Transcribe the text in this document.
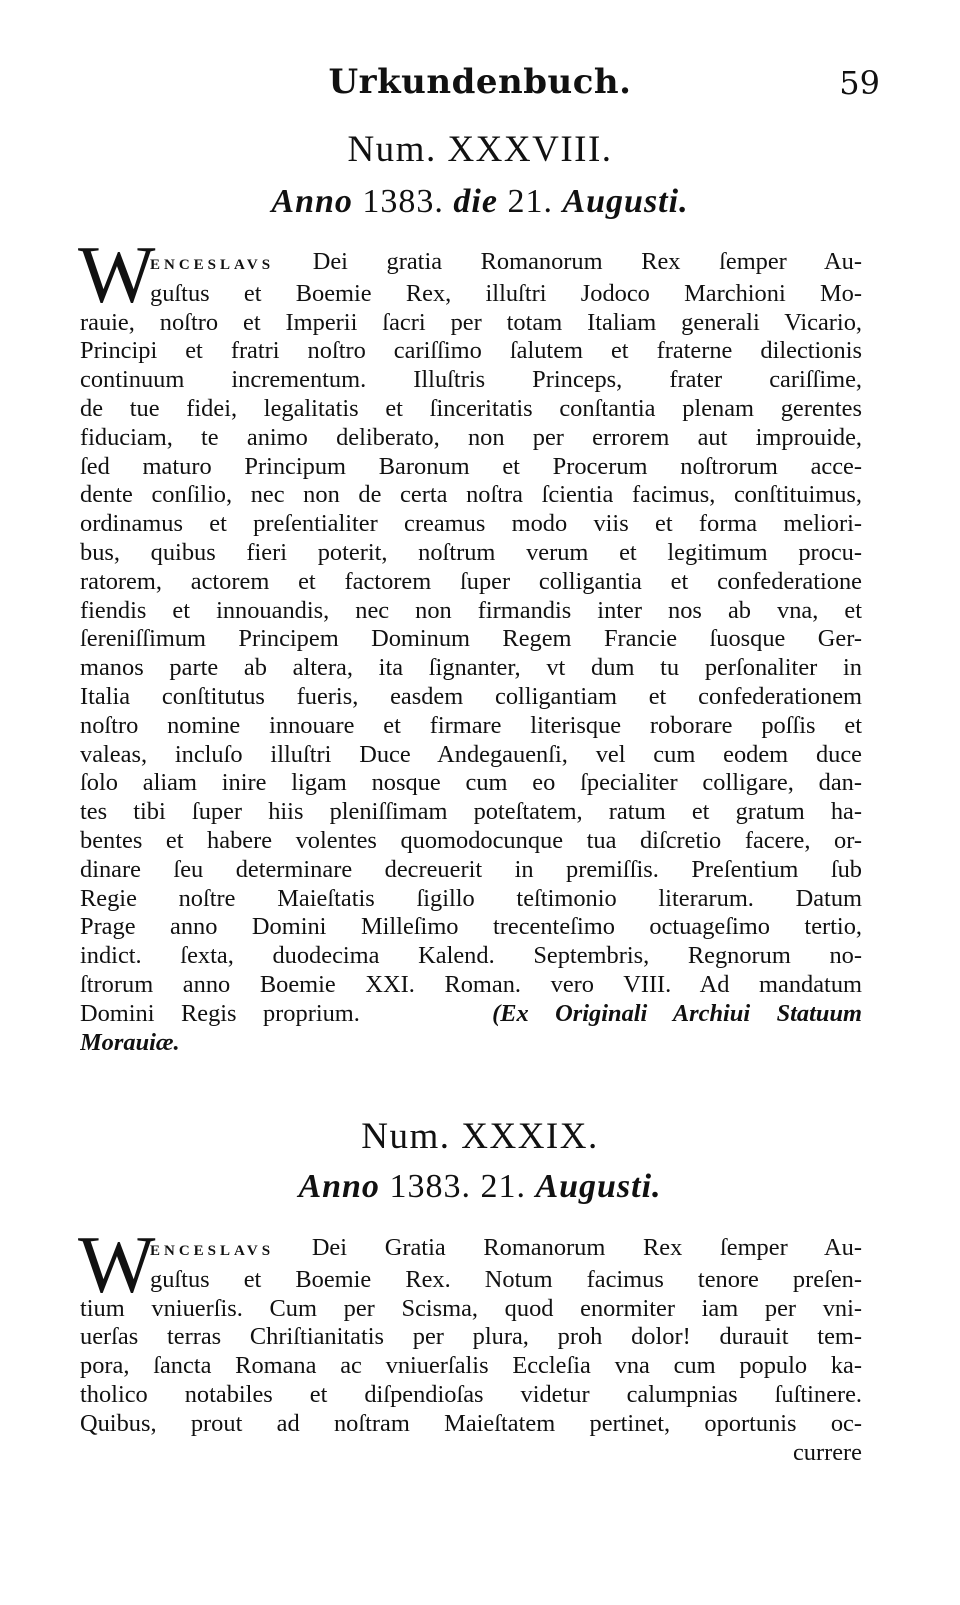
Urkundenbuch.	59
Num. XXXVIII.
Anno 1383. die 21. Augusti.
W
ENCESLAVS Dei gratia Romanorum Rex ſemper Au-
guſtus et Boemie Rex, illuſtri Jodoco Marchioni Mo-
rauie, noſtro et Imperii ſacri per totam Italiam generali Vicario,
Principi et fratri noſtro cariſſimo ſalutem et fraterne dilectionis
continuum incrementum. Illuſtris Princeps, frater cariſſime,
de tue fidei, legalitatis et ſinceritatis conſtantia plenam gerentes
fiduciam, te animo deliberato, non per errorem aut improuide,
ſed maturo Principum Baronum et Procerum noſtrorum acce-
dente conſilio, nec non de certa noſtra ſcientia facimus, conſtituimus,
ordinamus et preſentialiter creamus modo viis et forma meliori-
bus, quibus fieri poterit, noſtrum verum et legitimum procu-
ratorem, actorem et factorem ſuper colligantia et confederatione
fiendis et innouandis, nec non firmandis inter nos ab vna, et
ſereniſſimum Principem Dominum Regem Francie ſuosque Ger-
manos parte ab altera, ita ſignanter, vt dum tu perſonaliter in
Italia conſtitutus fueris, easdem colligantiam et confederationem
noſtro nomine innouare et firmare literisque roborare poſſis et
valeas, incluſo illuſtri Duce Andegauenſi, vel cum eodem duce
ſolo aliam inire ligam nosque cum eo ſpecialiter colligare, dan-
tes tibi ſuper hiis pleniſſimam poteſtatem, ratum et gratum ha-
bentes et habere volentes quomodocunque tua diſcretio facere, or-
dinare ſeu determinare decreuerit in premiſſis. Preſentium ſub
Regie noſtre Maieſtatis ſigillo teſtimonio literarum. Datum
Prage anno Domini Milleſimo trecenteſimo octuageſimo tertio,
indict. ſexta, duodecima Kalend. Septembris, Regnorum no-
ſtrorum anno Boemie XXI. Roman. vero VIII. Ad mandatum
Domini Regis proprium.	(Ex Originali Archiui Statuum
Morauiæ.
Num. XXXIX.
Anno 1383. 21. Augusti.
W
ENCESLAVS Dei Gratia Romanorum Rex ſemper Au-
guſtus et Boemie Rex. Notum facimus tenore preſen-
tium vniuerſis. Cum per Scisma, quod enormiter iam per vni-
uerſas terras Chriſtianitatis per plura, proh dolor! durauit tem-
pora, ſancta Romana ac vniuerſalis Eccleſia vna cum populo ka-
tholico notabiles et diſpendioſas videtur calumpnias ſuſtinere.
Quibus, prout ad noſtram Maieſtatem pertinet, oportunis oc-
currere
